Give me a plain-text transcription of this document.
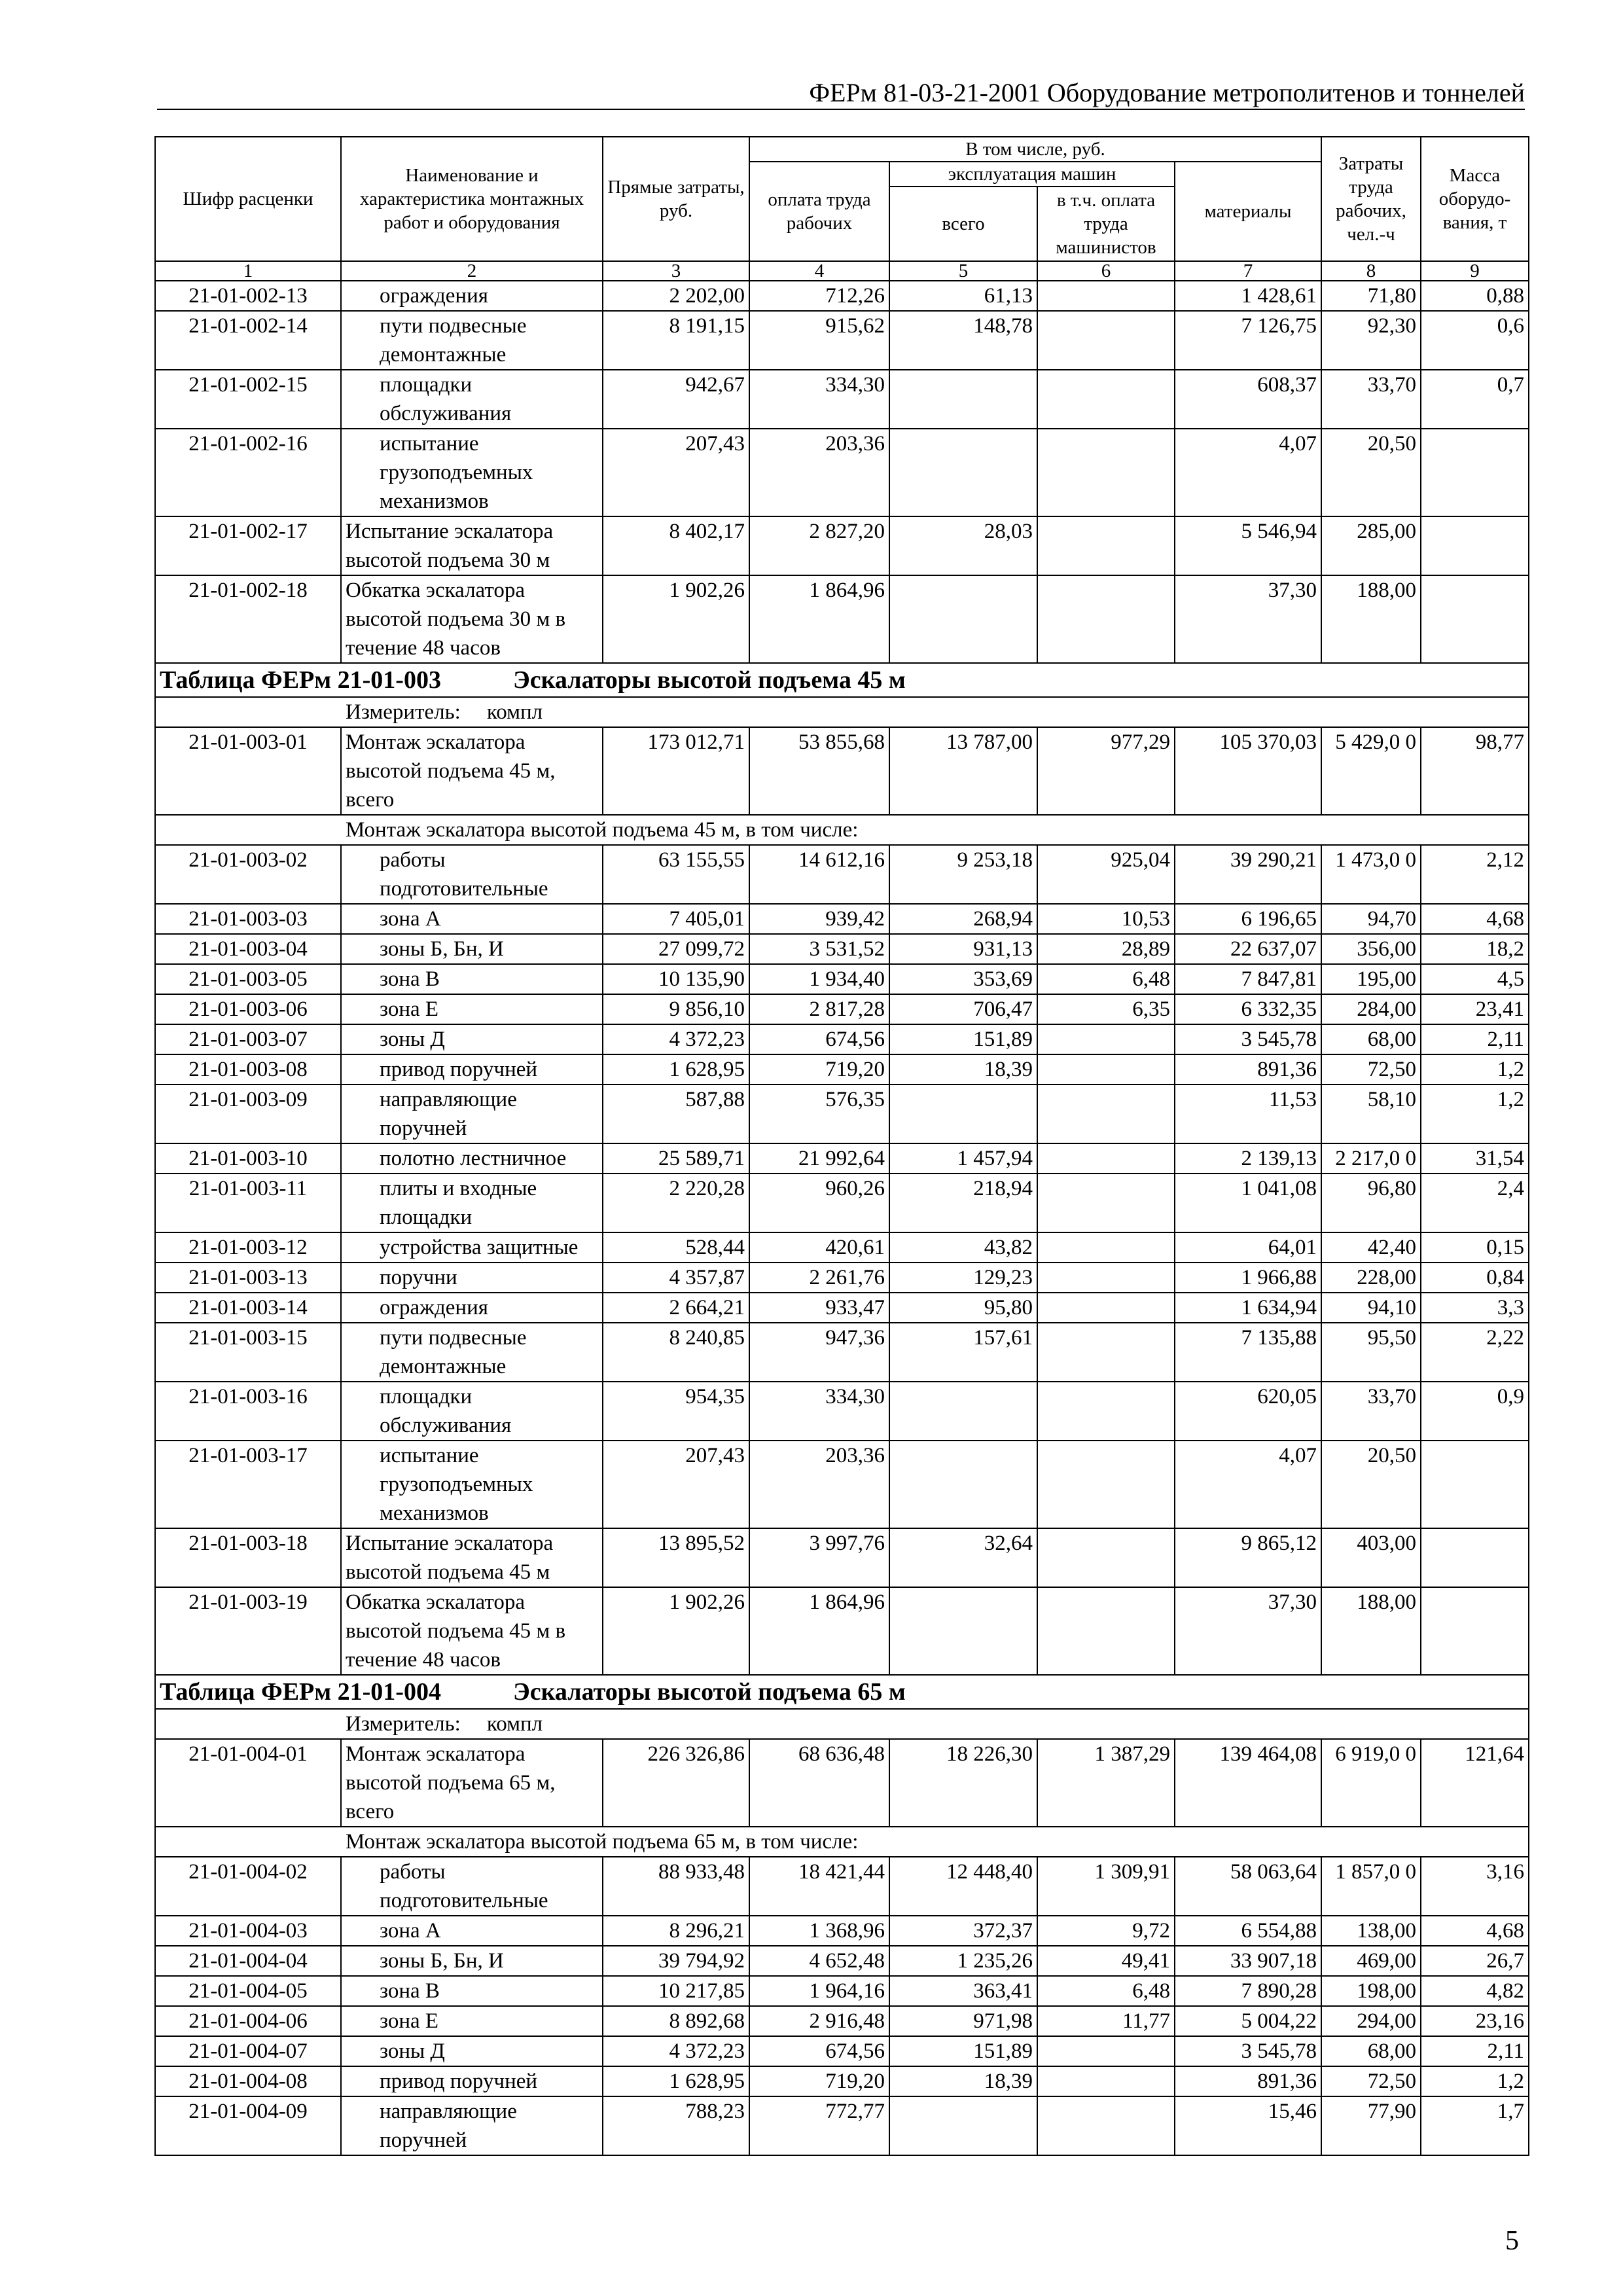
ФЕРм 81-03-21-2001 Оборудование метрополитенов и тоннелей
Шифр расценки	Наименование и характеристика монтажных работ и оборудования	Прямые затраты, руб.	В том числе, руб.				Затраты труда рабочих, чел.-ч	Масса оборудо-вания, т
			оплата труда рабочих	эксплуатация машин		материалы		
				всего	в т.ч. оплата труда машинистов			
1	2	3	4	5	6	7	8	9
21-01-002-13	ограждения	2 202,00	712,26	61,13		1 428,61	71,80	0,88
21-01-002-14	пути подвесные демонтажные	8 191,15	915,62	148,78		7 126,75	92,30	0,6
21-01-002-15	площадки обслуживания	942,67	334,30			608,37	33,70	0,7
21-01-002-16	испытание грузоподъемных механизмов	207,43	203,36			4,07	20,50	
21-01-002-17	Испытание эскалатора высотой подъема 30 м	8 402,17	2 827,20	28,03		5 546,94	285,00	
21-01-002-18	Обкатка эскалатора высотой подъема 30 м в течение 48 часов	1 902,26	1 864,96			37,30	188,00	
Таблица ФЕРм 21-01-003 Эскалаторы высотой подъема 45 м								
Измеритель: компл								
21-01-003-01	Монтаж эскалатора высотой подъема 45 м, всего	173 012,71	53 855,68	13 787,00	977,29	105 370,03	5 429,0 0	98,77
Монтаж эскалатора высотой подъема 45 м, в том числе:								
21-01-003-02	работы подготовительные	63 155,55	14 612,16	9 253,18	925,04	39 290,21	1 473,0 0	2,12
21-01-003-03	зона А	7 405,01	939,42	268,94	10,53	6 196,65	94,70	4,68
21-01-003-04	зоны Б, Бн, И	27 099,72	3 531,52	931,13	28,89	22 637,07	356,00	18,2
21-01-003-05	зона В	10 135,90	1 934,40	353,69	6,48	7 847,81	195,00	4,5
21-01-003-06	зона Е	9 856,10	2 817,28	706,47	6,35	6 332,35	284,00	23,41
21-01-003-07	зоны Д	4 372,23	674,56	151,89		3 545,78	68,00	2,11
21-01-003-08	привод поручней	1 628,95	719,20	18,39		891,36	72,50	1,2
21-01-003-09	направляющие поручней	587,88	576,35			11,53	58,10	1,2
21-01-003-10	полотно лестничное	25 589,71	21 992,64	1 457,94		2 139,13	2 217,0 0	31,54
21-01-003-11	плиты и входные площадки	2 220,28	960,26	218,94		1 041,08	96,80	2,4
21-01-003-12	устройства защитные	528,44	420,61	43,82		64,01	42,40	0,15
21-01-003-13	поручни	4 357,87	2 261,76	129,23		1 966,88	228,00	0,84
21-01-003-14	ограждения	2 664,21	933,47	95,80		1 634,94	94,10	3,3
21-01-003-15	пути подвесные демонтажные	8 240,85	947,36	157,61		7 135,88	95,50	2,22
21-01-003-16	площадки обслуживания	954,35	334,30			620,05	33,70	0,9
21-01-003-17	испытание грузоподъемных механизмов	207,43	203,36			4,07	20,50	
21-01-003-18	Испытание эскалатора высотой подъема 45 м	13 895,52	3 997,76	32,64		9 865,12	403,00	
21-01-003-19	Обкатка эскалатора высотой подъема 45 м в течение 48 часов	1 902,26	1 864,96			37,30	188,00	
Таблица ФЕРм 21-01-004 Эскалаторы высотой подъема 65 м								
Измеритель: компл								
21-01-004-01	Монтаж эскалатора высотой подъема 65 м, всего	226 326,86	68 636,48	18 226,30	1 387,29	139 464,08	6 919,0 0	121,64
Монтаж эскалатора высотой подъема 65 м, в том числе:								
21-01-004-02	работы подготовительные	88 933,48	18 421,44	12 448,40	1 309,91	58 063,64	1 857,0 0	3,16
21-01-004-03	зона А	8 296,21	1 368,96	372,37	9,72	6 554,88	138,00	4,68
21-01-004-04	зоны Б, Бн, И	39 794,92	4 652,48	1 235,26	49,41	33 907,18	469,00	26,7
21-01-004-05	зона В	10 217,85	1 964,16	363,41	6,48	7 890,28	198,00	4,82
21-01-004-06	зона Е	8 892,68	2 916,48	971,98	11,77	5 004,22	294,00	23,16
21-01-004-07	зоны Д	4 372,23	674,56	151,89		3 545,78	68,00	2,11
21-01-004-08	привод поручней	1 628,95	719,20	18,39		891,36	72,50	1,2
21-01-004-09	направляющие поручней	788,23	772,77			15,46	77,90	1,7
5
